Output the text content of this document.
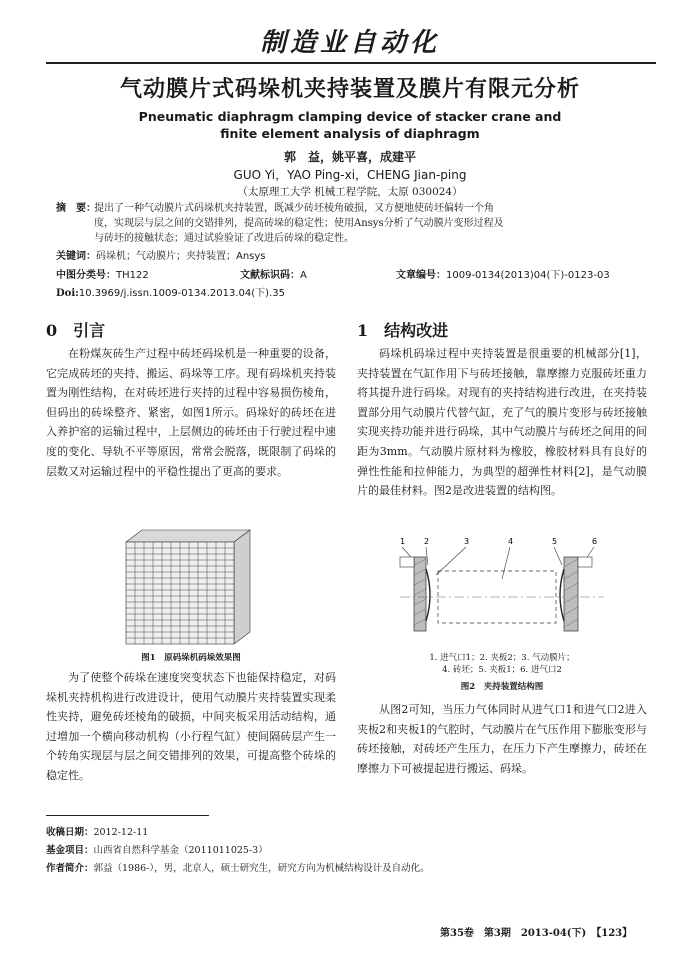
制造业自动化
气动膜片式码垛机夹持装置及膜片有限元分析
Pneumatic diaphragm clamping device of stacker crane and
finite element analysis of diaphragm
郭　益，姚平喜，成建平
GUO Yi，YAO Ping-xi，CHENG Jian-ping
（太原理工大学 机械工程学院，太原 030024）
摘　要：
提出了一种气动膜片式码垛机夹持装置，既减少砖坯棱角破损，又方便地使砖坯偏转一个角
度，实现层与层之间的交错排列，提高砖垛的稳定性；使用Ansys分析了气动膜片变形过程及
与砖坯的接触状态；通过试验验证了改进后砖垛的稳定性。
关键词：码垛机；气动膜片；夹持装置；Ansys
中图分类号：TH122	文献标识码：A	文章编号：1009-0134(2013)04(下)-0123-03
Doi:10.3969/j.issn.1009-0134.2013.04(下).35
0　引言

在粉煤灰砖生产过程中砖坯码垛机是一种重要的设备，它完成砖坯的夹持、搬运、码垛等工序。现有码垛机夹持装置为刚性结构，在对砖坯进行夹持的过程中容易损伤棱角，但码出的砖垛整齐、紧密，如图1所示。码垛好的砖坯在进入养护窑的运输过程中，上层侧边的砖坯由于行驶过程中速度的变化、导轨不平等原因，常常会脱落，既限制了码垛的层数又对运输过程中的平稳性提出了更高的要求。

图1　原码垛机码垛效果图

为了使整个砖垛在速度突变状态下也能保持稳定，对码垛机夹持机构进行改进设计，使用气动膜片夹持装置实现柔性夹持，避免砖坯棱角的破损，中间夹板采用活动结构，通过增加一个横向移动机构（小行程气缸）使间隔砖层产生一个转角实现层与层之间交错排列的效果，可提高整个砖垛的稳定性。

1　结构改进

码垛机码垛过程中夹持装置是很重要的机械部分[1]，夹持装置在气缸作用下与砖坯接触，靠摩擦力克服砖坯重力将其提升进行码垛。对现有的夹持结构进行改进，在夹持装置部分用气动膜片代替气缸，充了气的膜片变形与砖坯接触实现夹持功能并进行码垛，其中气动膜片与砖坯之间用的间距为3mm。气动膜片原材料为橡胶，橡胶材料具有良好的弹性性能和拉伸能力，为典型的超弹性材料[2]，是气动膜片的最佳材料。图2是改进装置的结构图。

1 2	3	4	5	6
1. 进气口1；2. 夹板2；3. 气动膜片；
4. 砖坯；5. 夹板1；6. 进气口2
图2　夹持装置结构图

从图2可知，当压力气体同时从进气口1和进气口2进入夹板2和夹板1的气腔时，气动膜片在气压作用下膨胀变形与砖坯接触，对砖坯产生压力，在压力下产生摩擦力，砖坯在摩擦力下可被提起进行搬运、码垛。

收稿日期：2012-12-11
基金项目：山西省自然科学基金（2011011025-3）
作者简介：郭益（1986-），男，北京人，硕士研究生，研究方向为机械结构设计及自动化。
第35卷　第3期　2013-04(下)　【123】
